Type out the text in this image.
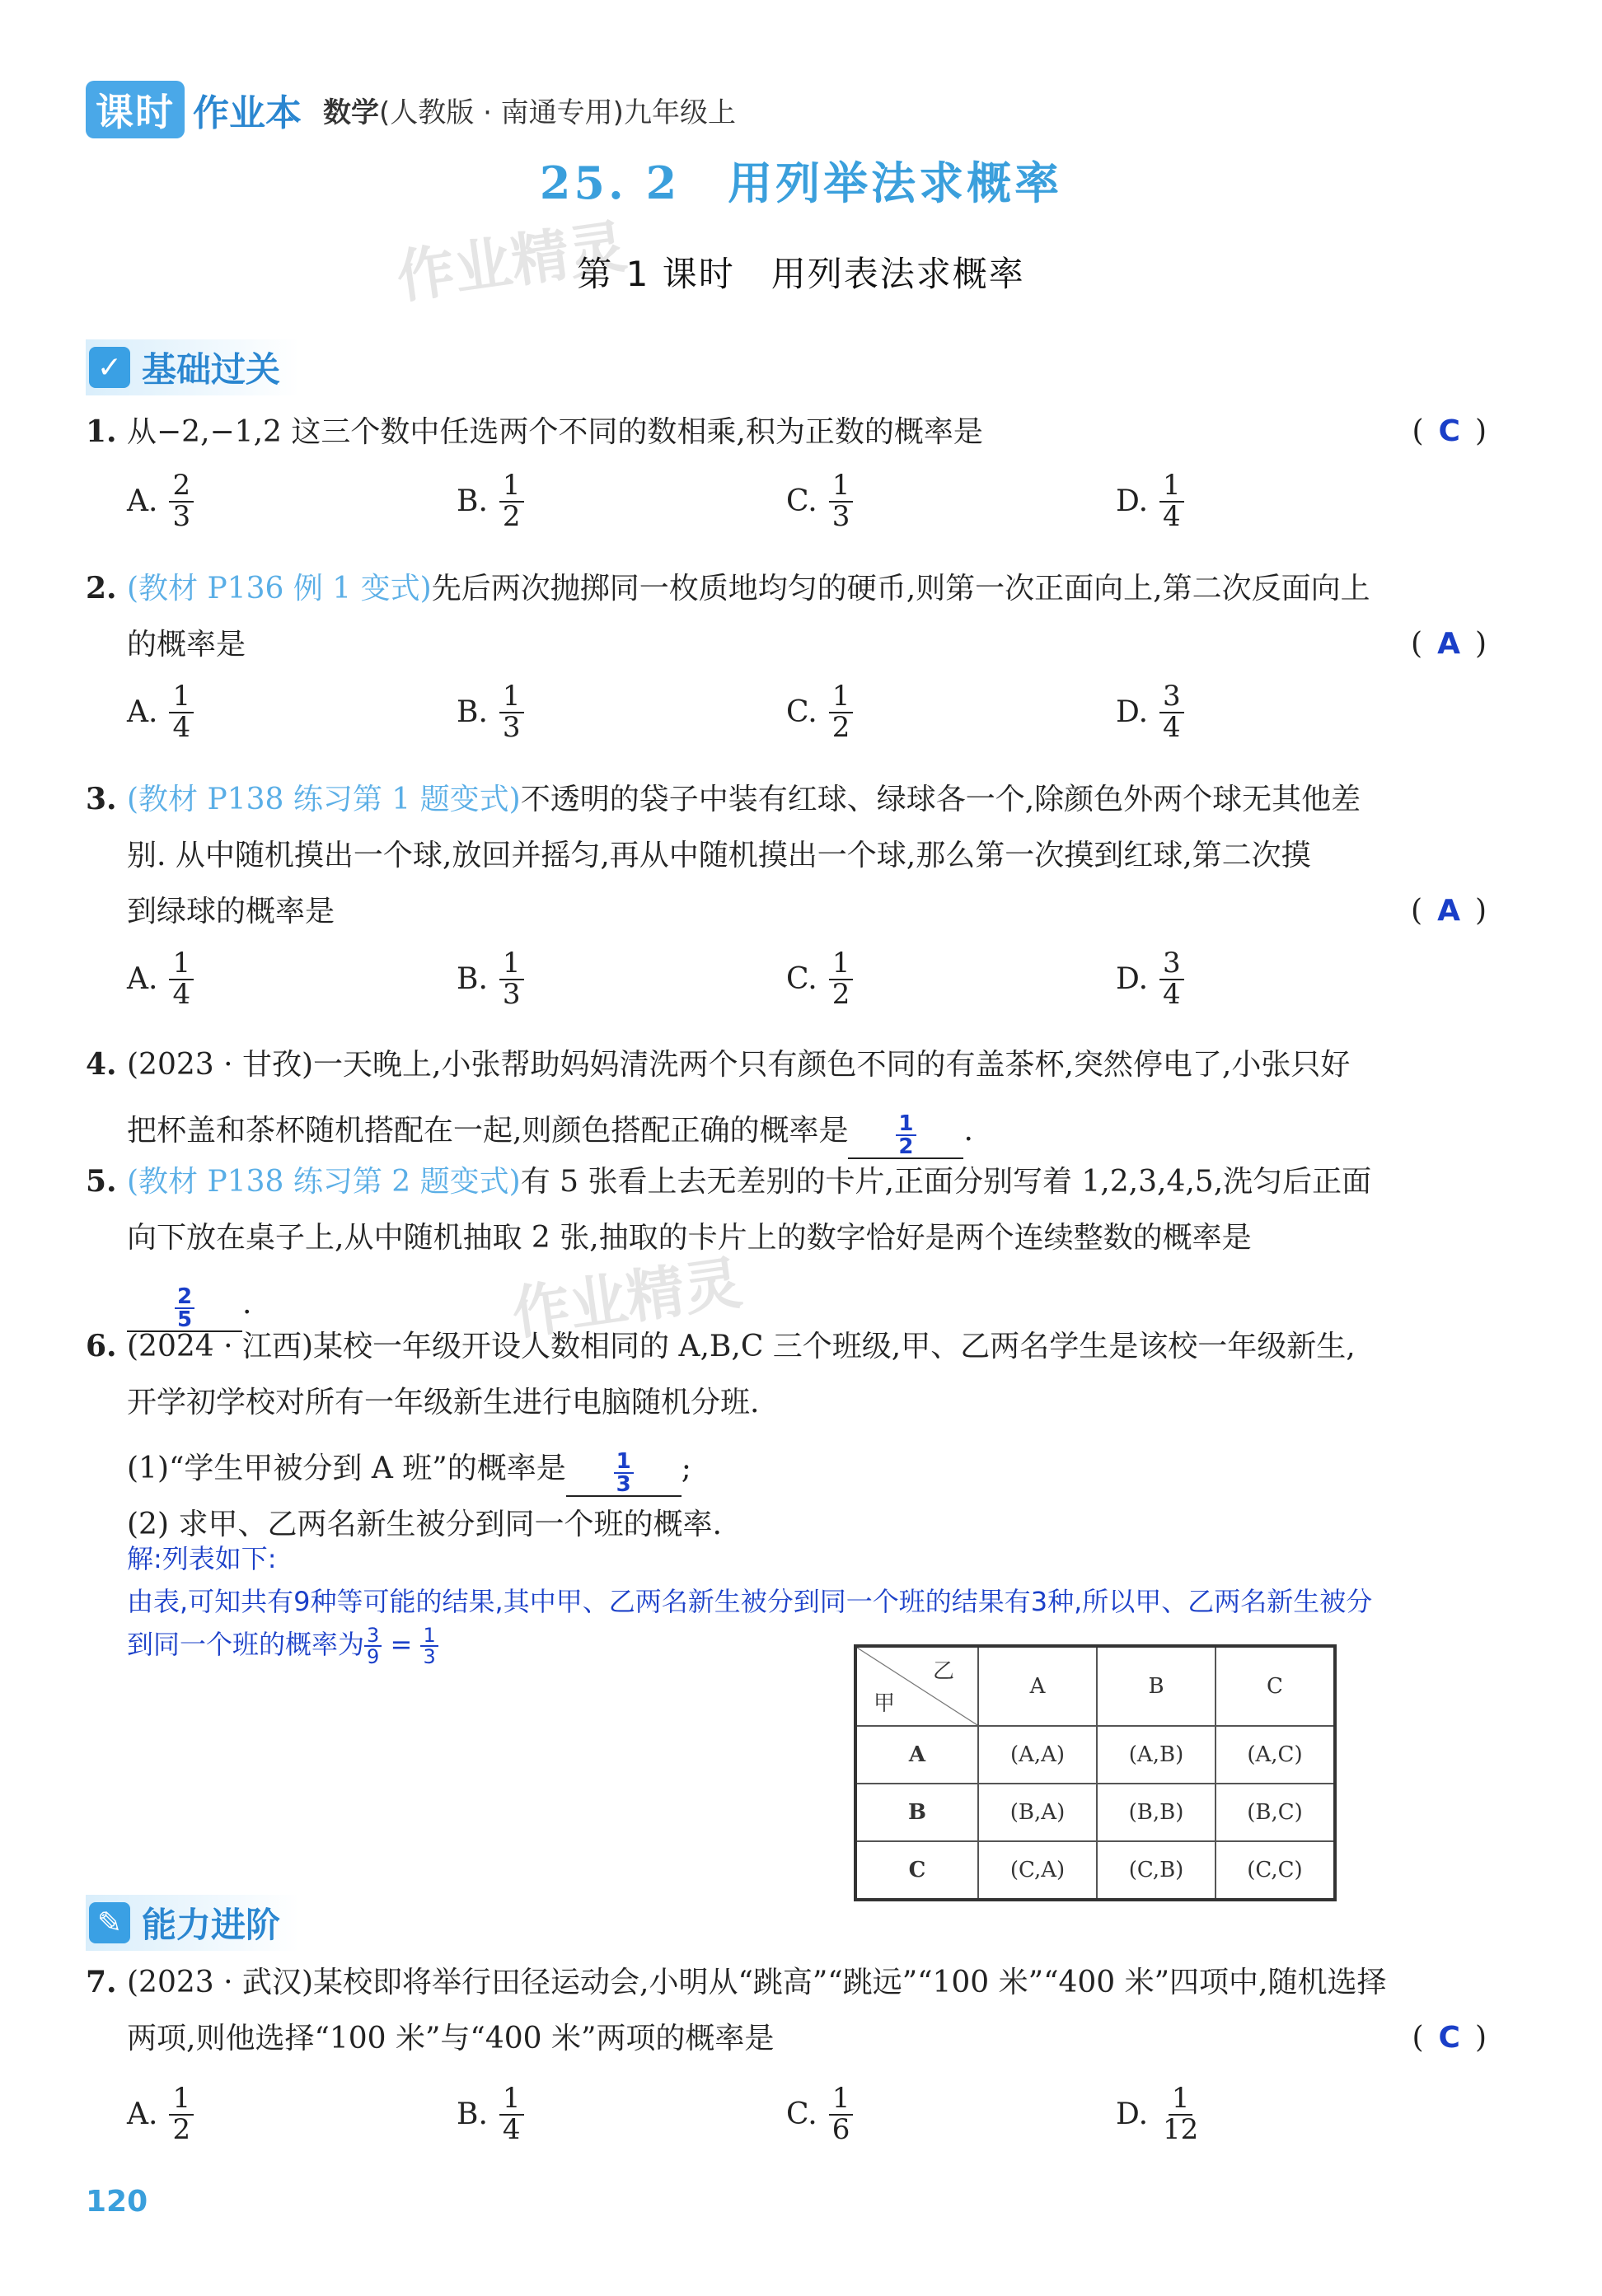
课时 作业本 数学(人教版 · 南通专用)九年级上
25. 2　用列举法求概率
作业精灵
第 1 课时　用列表法求概率
✓ 基础过关
1. 从−2,−1,2 这三个数中任选两个不同的数相乘,积为正数的概率是	( C )
A. $\frac{2}{3}$	B. $\frac{1}{2}$	C. $\frac{1}{3}$	D. $\frac{1}{4}$
2. (教材 P136 例 1 变式)先后两次抛掷同一枚质地均匀的硬币,则第一次正面向上,第二次反面向上
的概率是	( A )
A. $\frac{1}{4}$	B. $\frac{1}{3}$	C. $\frac{1}{2}$	D. $\frac{3}{4}$
3. (教材 P138 练习第 1 题变式)不透明的袋子中装有红球、绿球各一个,除颜色外两个球无其他差
别. 从中随机摸出一个球,放回并摇匀,再从中随机摸出一个球,那么第一次摸到红球,第二次摸
到绿球的概率是	( A )
A. $\frac{1}{4}$	B. $\frac{1}{3}$	C. $\frac{1}{2}$	D. $\frac{3}{4}$
4. (2023 · 甘孜)一天晚上,小张帮助妈妈清洗两个只有颜色不同的有盖茶杯,突然停电了,小张只好
把杯盖和茶杯随机搭配在一起,则颜色搭配正确的概率是 $\frac{1}{2}$ .
5. (教材 P138 练习第 2 题变式)有 5 张看上去无差别的卡片,正面分别写着 1,2,3,4,5,洗匀后正面
向下放在桌子上,从中随机抽取 2 张,抽取的卡片上的数字恰好是两个连续整数的概率是

$\frac{2}{5}$ .	作业精灵
6. (2024 · 江西)某校一年级开设人数相同的 A,B,C 三个班级,甲、乙两名学生是该校一年级新生,
开学初学校对所有一年级新生进行电脑随机分班.
(1)“学生甲被分到 A 班”的概率是 $\frac{1}{3}$ ;
(2) 求甲、乙两名新生被分到同一个班的概率.
解:列表如下:
由表,可知共有9种等可能的结果,其中甲、乙两名新生被分到同一个班的结果有3种,所以甲、乙两名新生被分
到同一个班的概率为 $\frac{3}{9} = \frac{1}{3}$
乙
甲	A	B	C
A	(A,A)	(A,B)	(A,C)
B	(B,A)	(B,B)	(B,C)
C	(C,A)	(C,B)	(C,C)
✎ 能力进阶
7. (2023 · 武汉)某校即将举行田径运动会,小明从“跳高”“跳远”“100 米”“400 米”四项中,随机选择
两项,则他选择“100 米”与“400 米”两项的概率是	( C )
A. $\frac{1}{2}$	B. $\frac{1}{4}$	C. $\frac{1}{6}$	D. $\frac{1}{12}$
120
